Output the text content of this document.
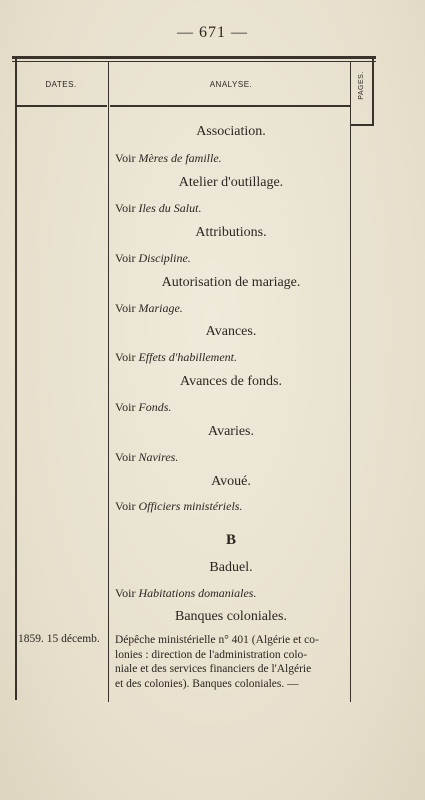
— 671 —
DATES.	ANALYSE.	PAGES.
Association.
Voir Mères de famille.
Atelier d'outillage.
Voir Iles du Salut.
Attributions.
Voir Discipline.
Autorisation de mariage.
Voir Mariage.
Avances.
Voir Effets d'habillement.
Avances de fonds.
Voir Fonds.
Avaries.
Voir Navires.
Avoué.
Voir Officiers ministériels.
B
Baduel.
Voir Habitations domaniales.
Banques coloniales.
1859. 15 décemb.	Dépêche ministérielle n° 401 (Algérie et co-
lonies : direction de l'administration colo-
niale et des services financiers de l'Algérie
et des colonies). Banques coloniales. —
